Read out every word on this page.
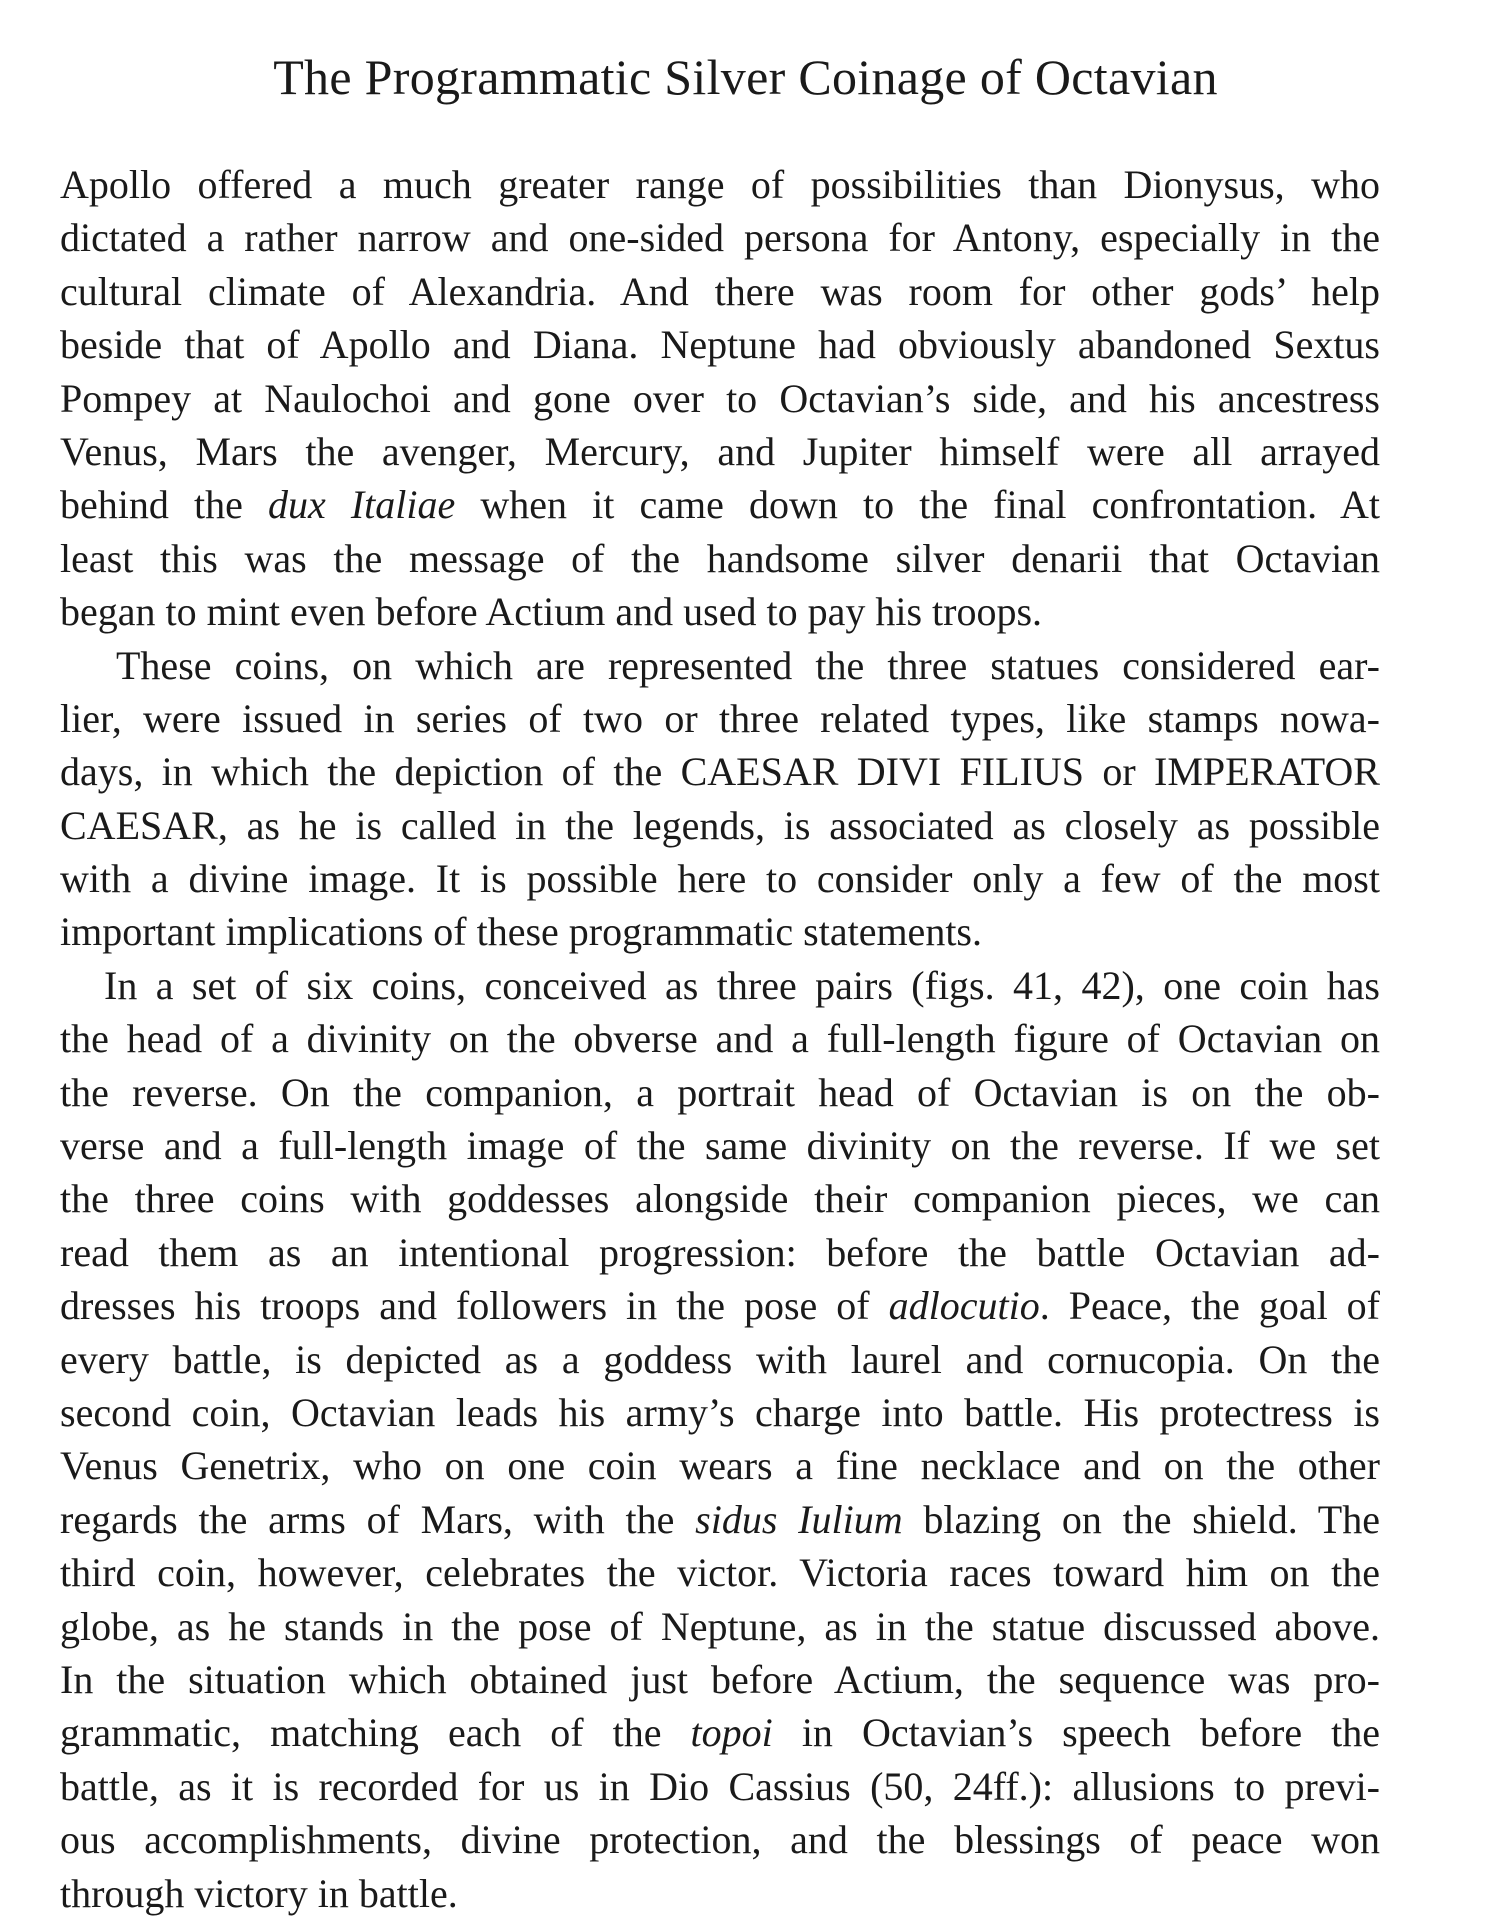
The Programmatic Silver Coinage of Octavian
Apollo offered a much greater range of possibilities than Dionysus, who
dictated a rather narrow and one-sided persona for Antony, especially in the
cultural climate of Alexandria. And there was room for other gods’ help
beside that of Apollo and Diana. Neptune had obviously abandoned Sextus
Pompey at Naulochoi and gone over to Octavian’s side, and his ancestress
Venus, Mars the avenger, Mercury, and Jupiter himself were all arrayed
behind the dux Italiae when it came down to the final confrontation. At
least this was the message of the handsome silver denarii that Octavian
began to mint even before Actium and used to pay his troops.
These coins, on which are represented the three statues considered ear-
lier, were issued in series of two or three related types, like stamps nowa-
days, in which the depiction of the CAESAR DIVI FILIUS or IMPERATOR
CAESAR, as he is called in the legends, is associated as closely as possible
with a divine image. It is possible here to consider only a few of the most
important implications of these programmatic statements.
In a set of six coins, conceived as three pairs (figs. 41, 42), one coin has
the head of a divinity on the obverse and a full-length figure of Octavian on
the reverse. On the companion, a portrait head of Octavian is on the ob-
verse and a full-length image of the same divinity on the reverse. If we set
the three coins with goddesses alongside their companion pieces, we can
read them as an intentional progression: before the battle Octavian ad-
dresses his troops and followers in the pose of adlocutio. Peace, the goal of
every battle, is depicted as a goddess with laurel and cornucopia. On the
second coin, Octavian leads his army’s charge into battle. His protectress is
Venus Genetrix, who on one coin wears a fine necklace and on the other
regards the arms of Mars, with the sidus Iulium blazing on the shield. The
third coin, however, celebrates the victor. Victoria races toward him on the
globe, as he stands in the pose of Neptune, as in the statue discussed above.
In the situation which obtained just before Actium, the sequence was pro-
grammatic, matching each of the topoi in Octavian’s speech before the
battle, as it is recorded for us in Dio Cassius (50, 24ff.): allusions to previ-
ous accomplishments, divine protection, and the blessings of peace won
through victory in battle.
